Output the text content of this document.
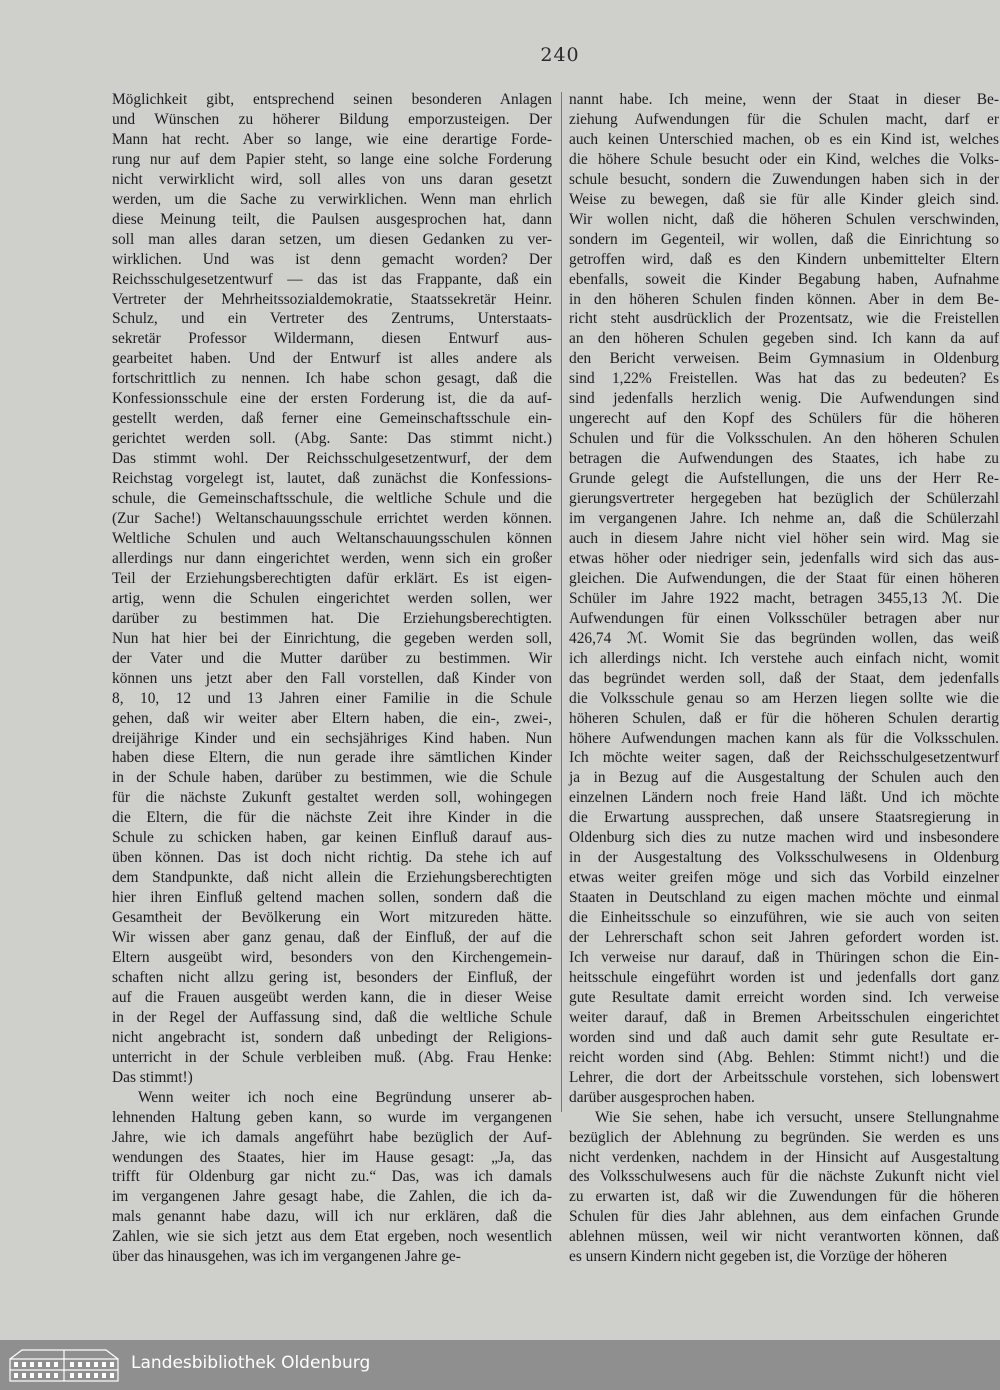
240

Möglichkeit gibt, entsprechend seinen besonderen Anlagen

und Wünschen zu höherer Bildung emporzusteigen. Der

Mann hat recht. Aber so lange, wie eine derartige Forde-

rung nur auf dem Papier steht, so lange eine solche Forderung

nicht verwirklicht wird, soll alles von uns daran gesetzt

werden, um die Sache zu verwirklichen. Wenn man ehrlich

diese Meinung teilt, die Paulsen ausgesprochen hat, dann

soll man alles daran setzen, um diesen Gedanken zu ver-

wirklichen. Und was ist denn gemacht worden? Der

Reichsschulgesetzentwurf — das ist das Frappante, daß ein

Vertreter der Mehrheitssozialdemokratie, Staatssekretär Heinr.

Schulz, und ein Vertreter des Zentrums, Unterstaats-

sekretär Professor Wildermann, diesen Entwurf aus-

gearbeitet haben. Und der Entwurf ist alles andere als

fortschrittlich zu nennen. Ich habe schon gesagt, daß die

Konfessionsschule eine der ersten Forderung ist, die da auf-

gestellt werden, daß ferner eine Gemeinschaftsschule ein-

gerichtet werden soll. (Abg. Sante: Das stimmt nicht.)

Das stimmt wohl. Der Reichsschulgesetzentwurf, der dem

Reichstag vorgelegt ist, lautet, daß zunächst die Konfessions-

schule, die Gemeinschaftsschule, die weltliche Schule und die

(Zur Sache!) Weltanschauungsschule errichtet werden können.

Weltliche Schulen und auch Weltanschauungsschulen können

allerdings nur dann eingerichtet werden, wenn sich ein großer

Teil der Erziehungsberechtigten dafür erklärt. Es ist eigen-

artig, wenn die Schulen eingerichtet werden sollen, wer

darüber zu bestimmen hat. Die Erziehungsberechtigten.

Nun hat hier bei der Einrichtung, die gegeben werden soll,

der Vater und die Mutter darüber zu bestimmen. Wir

können uns jetzt aber den Fall vorstellen, daß Kinder von

8, 10, 12 und 13 Jahren einer Familie in die Schule

gehen, daß wir weiter aber Eltern haben, die ein-, zwei-,

dreijährige Kinder und ein sechsjähriges Kind haben. Nun

haben diese Eltern, die nun gerade ihre sämtlichen Kinder

in der Schule haben, darüber zu bestimmen, wie die Schule

für die nächste Zukunft gestaltet werden soll, wohingegen

die Eltern, die für die nächste Zeit ihre Kinder in die

Schule zu schicken haben, gar keinen Einfluß darauf aus-

üben können. Das ist doch nicht richtig. Da stehe ich auf

dem Standpunkte, daß nicht allein die Erziehungsberechtigten

hier ihren Einfluß geltend machen sollen, sondern daß die

Gesamtheit der Bevölkerung ein Wort mitzureden hätte.

Wir wissen aber ganz genau, daß der Einfluß, der auf die

Eltern ausgeübt wird, besonders von den Kirchengemein-

schaften nicht allzu gering ist, besonders der Einfluß, der

auf die Frauen ausgeübt werden kann, die in dieser Weise

in der Regel der Auffassung sind, daß die weltliche Schule

nicht angebracht ist, sondern daß unbedingt der Religions-

unterricht in der Schule verbleiben muß. (Abg. Frau Henke:

Das stimmt!)

Wenn weiter ich noch eine Begründung unserer ab-

lehnenden Haltung geben kann, so wurde im vergangenen

Jahre, wie ich damals angeführt habe bezüglich der Auf-

wendungen des Staates, hier im Hause gesagt: „Ja, das

trifft für Oldenburg gar nicht zu.“ Das, was ich damals

im vergangenen Jahre gesagt habe, die Zahlen, die ich da-

mals genannt habe dazu, will ich nur erklären, daß die

Zahlen, wie sie sich jetzt aus dem Etat ergeben, noch wesentlich

über das hinausgehen, was ich im vergangenen Jahre ge-

nannt habe. Ich meine, wenn der Staat in dieser Be-

ziehung Aufwendungen für die Schulen macht, darf er

auch keinen Unterschied machen, ob es ein Kind ist, welches

die höhere Schule besucht oder ein Kind, welches die Volks-

schule besucht, sondern die Zuwendungen haben sich in der

Weise zu bewegen, daß sie für alle Kinder gleich sind.

Wir wollen nicht, daß die höheren Schulen verschwinden,

sondern im Gegenteil, wir wollen, daß die Einrichtung so

getroffen wird, daß es den Kindern unbemittelter Eltern

ebenfalls, soweit die Kinder Begabung haben, Aufnahme

in den höheren Schulen finden können. Aber in dem Be-

richt steht ausdrücklich der Prozentsatz, wie die Freistellen

an den höheren Schulen gegeben sind. Ich kann da auf

den Bericht verweisen. Beim Gymnasium in Oldenburg

sind 1,22% Freistellen. Was hat das zu bedeuten? Es

sind jedenfalls herzlich wenig. Die Aufwendungen sind

ungerecht auf den Kopf des Schülers für die höheren

Schulen und für die Volksschulen. An den höheren Schulen

betragen die Aufwendungen des Staates, ich habe zu

Grunde gelegt die Aufstellungen, die uns der Herr Re-

gierungsvertreter hergegeben hat bezüglich der Schülerzahl

im vergangenen Jahre. Ich nehme an, daß die Schülerzahl

auch in diesem Jahre nicht viel höher sein wird. Mag sie

etwas höher oder niedriger sein, jedenfalls wird sich das aus-

gleichen. Die Aufwendungen, die der Staat für einen höheren

Schüler im Jahre 1922 macht, betragen 3455,13 ℳ. Die

Aufwendungen für einen Volksschüler betragen aber nur

426,74 ℳ. Womit Sie das begründen wollen, das weiß

ich allerdings nicht. Ich verstehe auch einfach nicht, womit

das begründet werden soll, daß der Staat, dem jedenfalls

die Volksschule genau so am Herzen liegen sollte wie die

höheren Schulen, daß er für die höheren Schulen derartig

höhere Aufwendungen machen kann als für die Volksschulen.

Ich möchte weiter sagen, daß der Reichsschulgesetzentwurf

ja in Bezug auf die Ausgestaltung der Schulen auch den

einzelnen Ländern noch freie Hand läßt. Und ich möchte

die Erwartung aussprechen, daß unsere Staatsregierung in

Oldenburg sich dies zu nutze machen wird und insbesondere

in der Ausgestaltung des Volksschulwesens in Oldenburg

etwas weiter greifen möge und sich das Vorbild einzelner

Staaten in Deutschland zu eigen machen möchte und einmal

die Einheitsschule so einzuführen, wie sie auch von seiten

der Lehrerschaft schon seit Jahren gefordert worden ist.

Ich verweise nur darauf, daß in Thüringen schon die Ein-

heitsschule eingeführt worden ist und jedenfalls dort ganz

gute Resultate damit erreicht worden sind. Ich verweise

weiter darauf, daß in Bremen Arbeitsschulen eingerichtet

worden sind und daß auch damit sehr gute Resultate er-

reicht worden sind (Abg. Behlen: Stimmt nicht!) und die

Lehrer, die dort der Arbeitsschule vorstehen, sich lobenswert

darüber ausgesprochen haben.

Wie Sie sehen, habe ich versucht, unsere Stellungnahme

bezüglich der Ablehnung zu begründen. Sie werden es uns

nicht verdenken, nachdem in der Hinsicht auf Ausgestaltung

des Volksschulwesens auch für die nächste Zukunft nicht viel

zu erwarten ist, daß wir die Zuwendungen für die höheren

Schulen für dies Jahr ablehnen, aus dem einfachen Grunde

ablehnen müssen, weil wir nicht verantworten können, daß

es unsern Kindern nicht gegeben ist, die Vorzüge der höheren

Landesbibliothek Oldenburg
